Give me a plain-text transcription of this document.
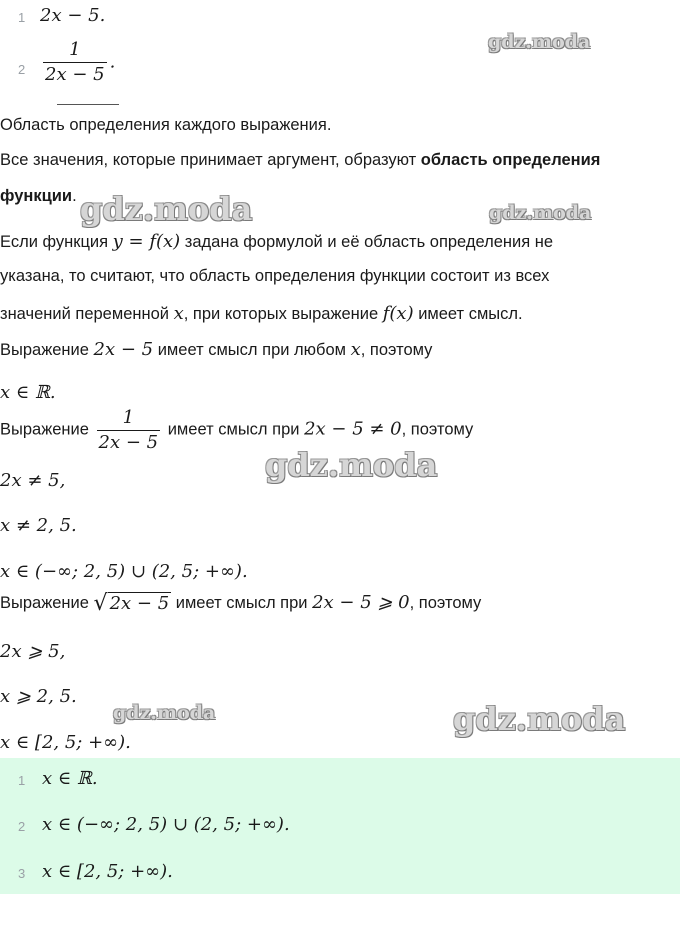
1 2x − 5.
$2 \frac{1}{2x - 5}$ .
Область определения каждого выражения.
Все значения, которые принимает аргумент, образуют область определения
функции.
Если функция y = f(x) задана формулой и её область определения не
указана, то считают, что область определения функции состоит из всех
значений переменной x, при которых выражение f(x) имеет смысл.
Выражение 2x − 5 имеет смысл при любом x, поэтому
x ∈ ℝ.
Выражение $\frac{1}{2x - 5}$ имеет смысл при 2x − 5 ≠ 0, поэтому
2x ≠ 5,
x ≠ 2, 5.
x ∈ (−∞; 2, 5) ∪ (2, 5; +∞).
Выражение √ 2x − 5 имеет смысл при 2x − 5 ⩾ 0, поэтому
2x ⩾ 5,
x ⩾ 2, 5.
x ∈ [2, 5; +∞).
1 x ∈ ℝ.
2 x ∈ (−∞; 2, 5) ∪ (2, 5; +∞).
3 x ∈ [2, 5; +∞).
gdz.moda
gdz.moda	gdz.moda
gdz.moda
gdz.moda	gdz.moda
